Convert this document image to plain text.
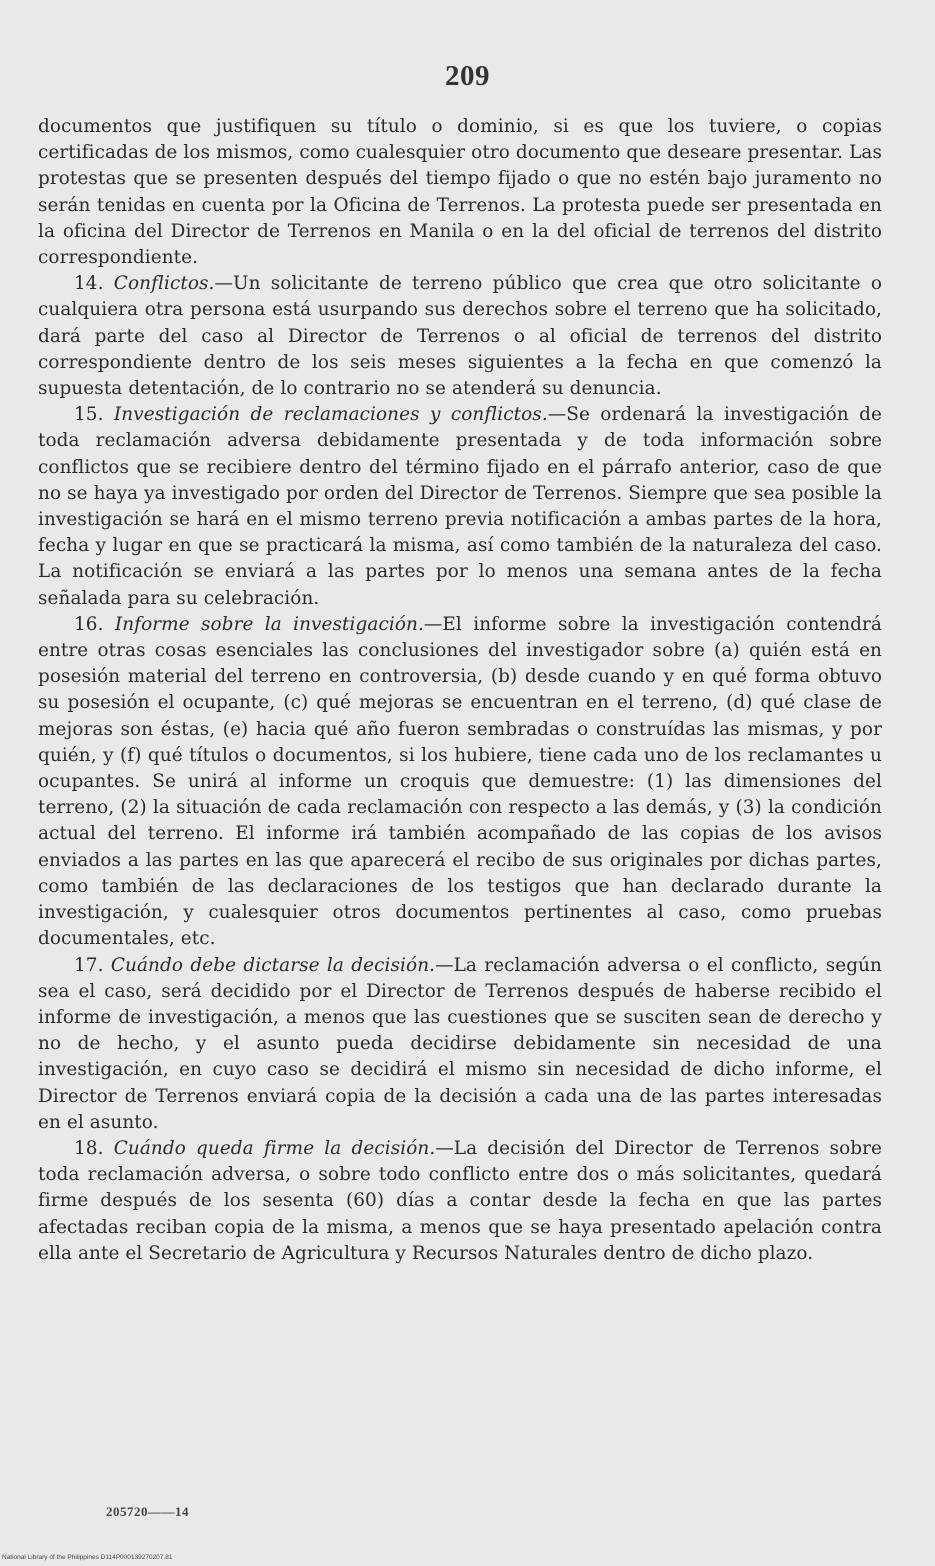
209

documentos que justifiquen su título o dominio, si es que los tuviere, o copias certificadas de los mismos, como cualesquier otro documento que deseare presentar. Las protestas que se presenten después del tiempo fijado o que no estén bajo juramento no serán tenidas en cuenta por la Oficina de Terrenos. La protesta puede ser presentada en la oficina del Director de Terrenos en Manila o en la del oficial de terrenos del distrito correspondiente.

14. Conflictos.—Un solicitante de terreno público que crea que otro solicitante o cualquiera otra persona está usurpando sus derechos sobre el terreno que ha solicitado, dará parte del caso al Director de Terrenos o al oficial de terrenos del distrito correspondiente dentro de los seis meses siguientes a la fecha en que comenzó la supuesta detentación, de lo contrario no se atenderá su denuncia.

15. Investigación de reclamaciones y conflictos.—Se ordenará la investigación de toda reclamación adversa debidamente presentada y de toda información sobre conflictos que se recibiere dentro del término fijado en el párrafo anterior, caso de que no se haya ya investigado por orden del Director de Terrenos. Siempre que sea posible la investigación se hará en el mismo terreno previa notificación a ambas partes de la hora, fecha y lugar en que se practicará la misma, así como también de la naturaleza del caso. La notificación se enviará a las partes por lo menos una semana antes de la fecha señalada para su celebración.

16. Informe sobre la investigación.—El informe sobre la investigación contendrá entre otras cosas esenciales las conclusiones del investigador sobre (a) quién está en posesión material del terreno en controversia, (b) desde cuando y en qué forma obtuvo su posesión el ocupante, (c) qué mejoras se encuentran en el terreno, (d) qué clase de mejoras son éstas, (e) hacia qué año fueron sembradas o construídas las mismas, y por quién, y (f) qué títulos o documentos, si los hubiere, tiene cada uno de los reclamantes u ocupantes. Se unirá al informe un croquis que demuestre: (1) las dimensiones del terreno, (2) la situación de cada reclamación con respecto a las demás, y (3) la condición actual del terreno. El informe irá también acompañado de las copias de los avisos enviados a las partes en las que aparecerá el recibo de sus originales por dichas partes, como también de las declaraciones de los testigos que han declarado durante la investigación, y cualesquier otros documentos pertinentes al caso, como pruebas documentales, etc.

17. Cuándo debe dictarse la decisión.—La reclamación adversa o el conflicto, según sea el caso, será decidido por el Director de Terrenos después de haberse recibido el informe de investigación, a menos que las cuestiones que se susciten sean de derecho y no de hecho, y el asunto pueda decidirse debidamente sin necesidad de una investigación, en cuyo caso se decidirá el mismo sin necesidad de dicho informe, el Director de Terrenos enviará copia de la decisión a cada una de las partes interesadas en el asunto.

18. Cuándo queda firme la decisión.—La decisión del Director de Terrenos sobre toda reclamación adversa, o sobre todo conflicto entre dos o más solicitantes, quedará firme después de los sesenta (60) días a contar desde la fecha en que las partes afectadas reciban copia de la misma, a menos que se haya presentado apelación contra ella ante el Secretario de Agricultura y Recursos Naturales dentro de dicho plazo.

205720——14
National Library of the Philippines D114P000139270207.81
